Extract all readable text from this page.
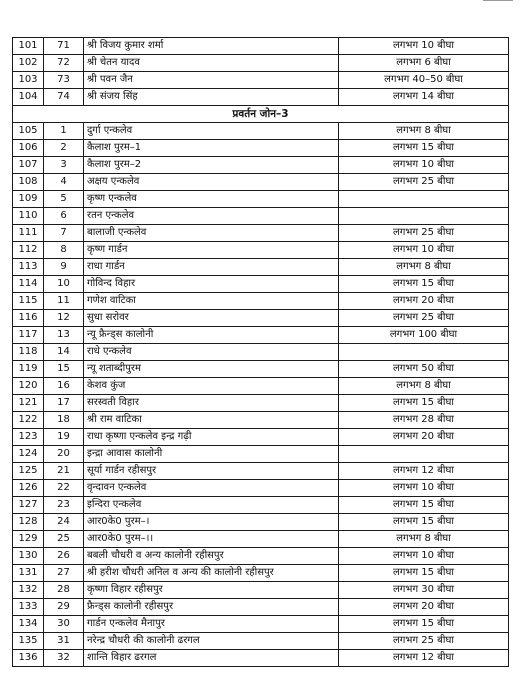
101	71	श्री विजय कुमार शर्मा	लगभग 10 बीघा
102	72	श्री चेतन यादव	लगभग 6 बीघा
103	73	श्री पवन जैन	लगभग 40–50 बीघा
104	74	श्री संजय सिंह	लगभग 14 बीघा
प्रवर्तन जोन–3			
105	1	दुर्गा एन्कलेव	लगभग 8 बीघा
106	2	कैलाश पुरम–1	लगभग 15 बीघा
107	3	कैलाश पुरम–2	लगभग 10 बीघा
108	4	अक्षय एन्कलेव	लगभग 25 बीघा
109	5	कृष्ण एन्कलेव	
110	6	रतन एन्कलेव	
111	7	बालाजी एन्कलेव	लगभग 25 बीघा
112	8	कृष्ण गार्डन	लगभग 10 बीघा
113	9	राधा गार्डन	लगभग 8 बीघा
114	10	गोविन्द विहार	लगभग 15 बीघा
115	11	गणेश वाटिका	लगभग 20 बीघा
116	12	सुधा सरोवर	लगभग 25 बीघा
117	13	न्यू फ्रैन्ड्स कालोनी	लगभग 100 बीघा
118	14	राधे एन्कलेव	
119	15	न्यू शताब्दीपुरम	लगभग 50 बीघा
120	16	केशव कुंज	लगभग 8 बीघा
121	17	सरस्वती विहार	लगभग 15 बीघा
122	18	श्री राम वाटिका	लगभग 28 बीघा
123	19	राधा कृष्णा एन्कलेव इन्द्र गढ़ी	लगभग 20 बीघा
124	20	इन्द्रा आवास कालोनी	
125	21	सूर्या गार्डन रहीसपुर	लगभग 12 बीघा
126	22	वृन्दावन एन्कलेव	लगभग 10 बीघा
127	23	इन्दिरा एन्कलेव	लगभग 15 बीघा
128	24	आर0के0 पुरम–।	लगभग 15 बीघा
129	25	आर0के0 पुरम–।।	लगभग 8 बीघा
130	26	बबली चौधरी व अन्य कालोनी रहीसपुर	लगभग 10 बीघा
131	27	श्री हरीश चौधरी अनिल व अन्य की कालोनी रहीसपुर	लगभग 15 बीघा
132	28	कृष्णा विहार रहीसपुर	लगभग 30 बीघा
133	29	फ्रैन्ड्स कालोनी रहीसपुर	लगभग 20 बीघा
134	30	गार्डन एन्कलेव मैनापुर	लगभग 15 बीघा
135	31	नरेन्द्र चौधरी की कालोनी ढरगल	लगभग 25 बीघा
136	32	शान्ति विहार ढरगल	लगभग 12 बीघा
